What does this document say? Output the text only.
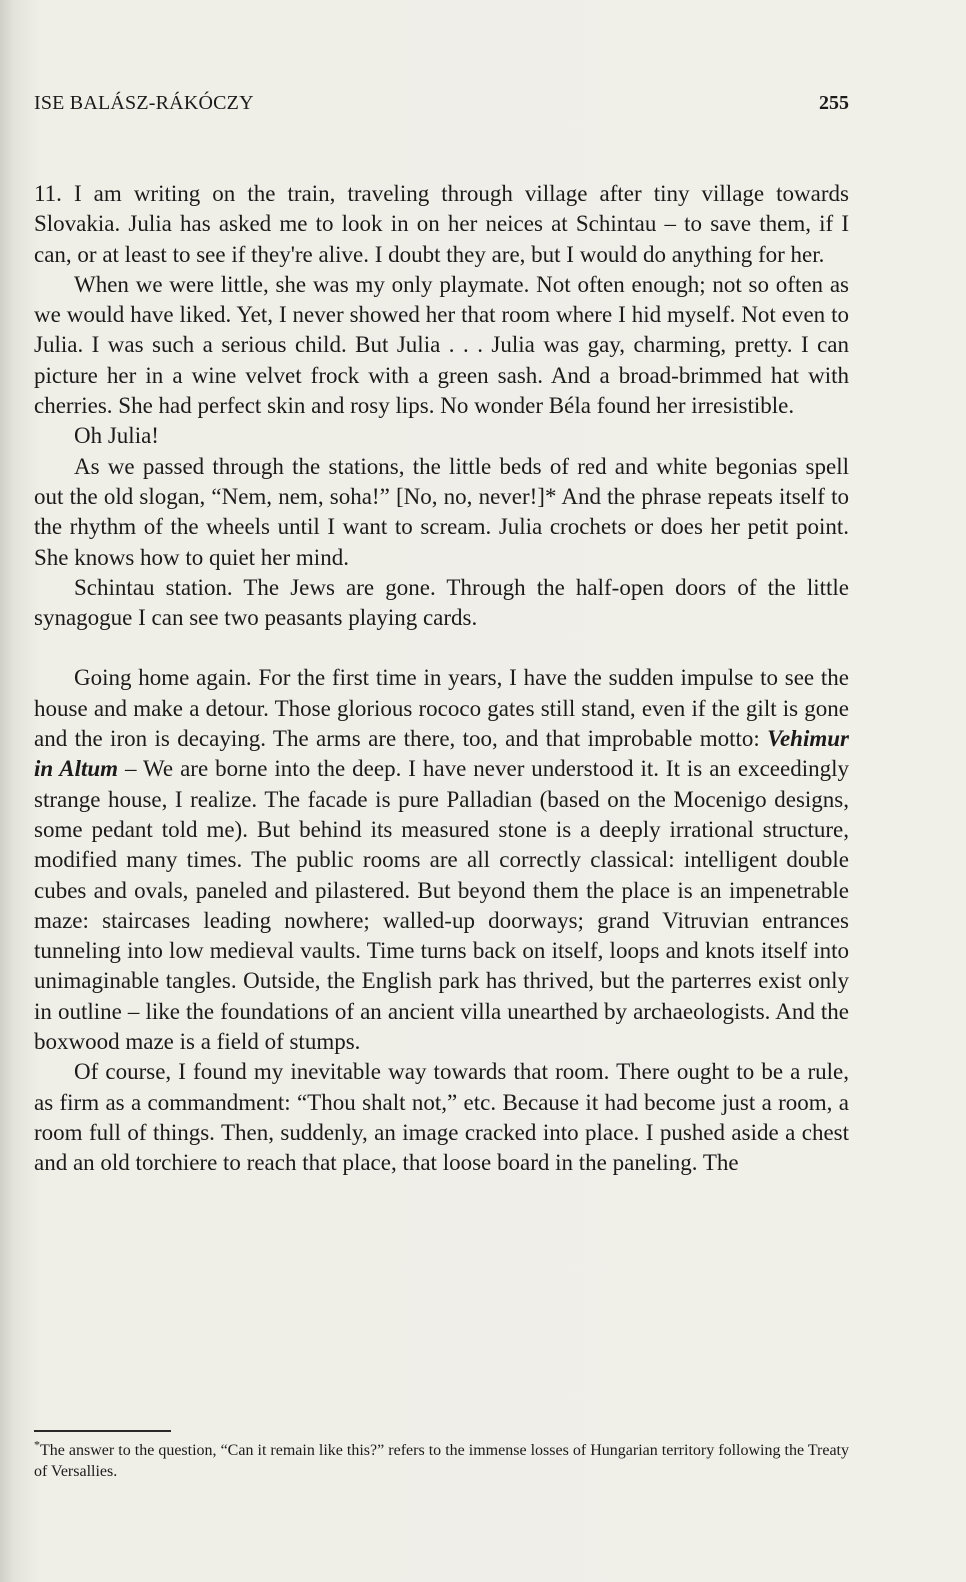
ISE BALÁSZ-RÁKÓCZY	255

11. I am writing on the train, traveling through village after tiny village towards Slovakia. Julia has asked me to look in on her neices at Schintau – to save them, if I can, or at least to see if they're alive. I doubt they are, but I would do anything for her.

When we were little, she was my only playmate. Not often enough; not so often as we would have liked. Yet, I never showed her that room where I hid myself. Not even to Julia. I was such a serious child. But Julia . . . Julia was gay, charming, pretty. I can picture her in a wine velvet frock with a green sash. And a broad-brimmed hat with cherries. She had perfect skin and rosy lips. No wonder Béla found her irresistible.

Oh Julia!

As we passed through the stations, the little beds of red and white begonias spell out the old slogan, “Nem, nem, soha!” [No, no, never!]* And the phrase repeats itself to the rhythm of the wheels until I want to scream. Julia crochets or does her petit point. She knows how to quiet her mind.

Schintau station. The Jews are gone. Through the half-open doors of the little synagogue I can see two peasants playing cards.

Going home again. For the first time in years, I have the sudden impulse to see the house and make a detour. Those glorious rococo gates still stand, even if the gilt is gone and the iron is decaying. The arms are there, too, and that improbable motto: Vehimur in Altum – We are borne into the deep. I have never understood it. It is an exceedingly strange house, I realize. The facade is pure Palladian (based on the Mocenigo designs, some pedant told me). But behind its measured stone is a deeply irrational structure, modified many times. The public rooms are all correctly classical: intelligent double cubes and ovals, paneled and pilastered. But beyond them the place is an impenetrable maze: staircases leading nowhere; walled-up doorways; grand Vitruvian entrances tunneling into low medieval vaults. Time turns back on itself, loops and knots itself into unimaginable tangles. Outside, the English park has thrived, but the parterres exist only in outline – like the foundations of an ancient villa unearthed by archaeologists. And the boxwood maze is a field of stumps.

Of course, I found my inevitable way towards that room. There ought to be a rule, as firm as a commandment: “Thou shalt not,” etc. Because it had become just a room, a room full of things. Then, suddenly, an image cracked into place. I pushed aside a chest and an old torchiere to reach that place, that loose board in the paneling. The

*The answer to the question, “Can it remain like this?” refers to the immense losses of Hungarian territory following the Treaty of Versallies.
